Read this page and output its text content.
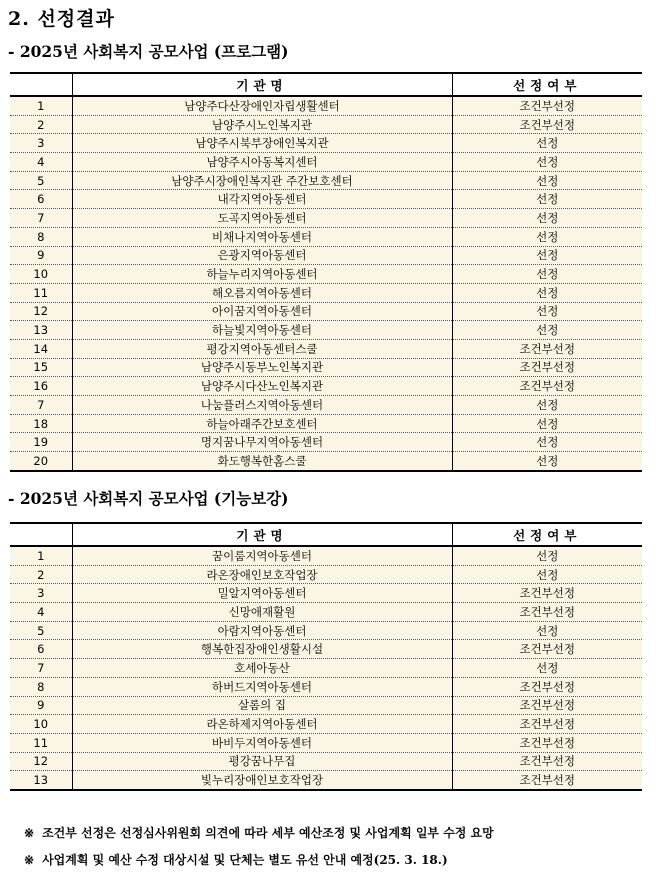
2. 선정결과
- 2025년 사회복지 공모사업 (프로그램)
	기관명	선정여부
1	남양주다산장애인자립생활센터	조건부선정
2	남양주시노인복지관	조건부선정
3	남양주시북부장애인복지관	선정
4	남양주시아동복지센터	선정
5	남양주시장애인복지관 주간보호센터	선정
6	내각지역아동센터	선정
7	도곡지역아동센터	선정
8	비채나지역아동센터	선정
9	은광지역아동센터	선정
10	하늘누리지역아동센터	선정
11	해오름지역아동센터	선정
12	아이꿈지역아동센터	선정
13	하늘빛지역아동센터	선정
14	평강지역아동센터스쿨	조건부선정
15	남양주시동부노인복지관	조건부선정
16	남양주시다산노인복지관	조건부선정
7	나눔플러스지역아동센터	선정
18	하늘아래주간보호센터	선정
19	명지꿈나무지역아동센터	선정
20	화도행복한홈스쿨	선정
- 2025년 사회복지 공모사업 (기능보강)
	기관명	선정여부
1	꿈이룸지역아동센터	선정
2	라온장애인보호작업장	선정
3	밀알지역아동센터	조건부선정
4	신망애재활원	조건부선정
5	아람지역아동센터	선정
6	행복한집장애인생활시설	조건부선정
7	호세아동산	선정
8	하버드지역아동센터	조건부선정
9	살롬의 집	조건부선정
10	라온하제지역아동센터	조건부선정
11	바비두지역아동센터	조건부선정
12	평강꿈나무집	조건부선정
13	빛누리장애인보호작업장	조건부선정
※ 조건부 선정은 선정심사위원회 의견에 따라 세부 예산조정 및 사업계획 일부 수정 요망
※ 사업계획 및 예산 수정 대상시설 및 단체는 별도 유선 안내 예정(25. 3. 18.)
